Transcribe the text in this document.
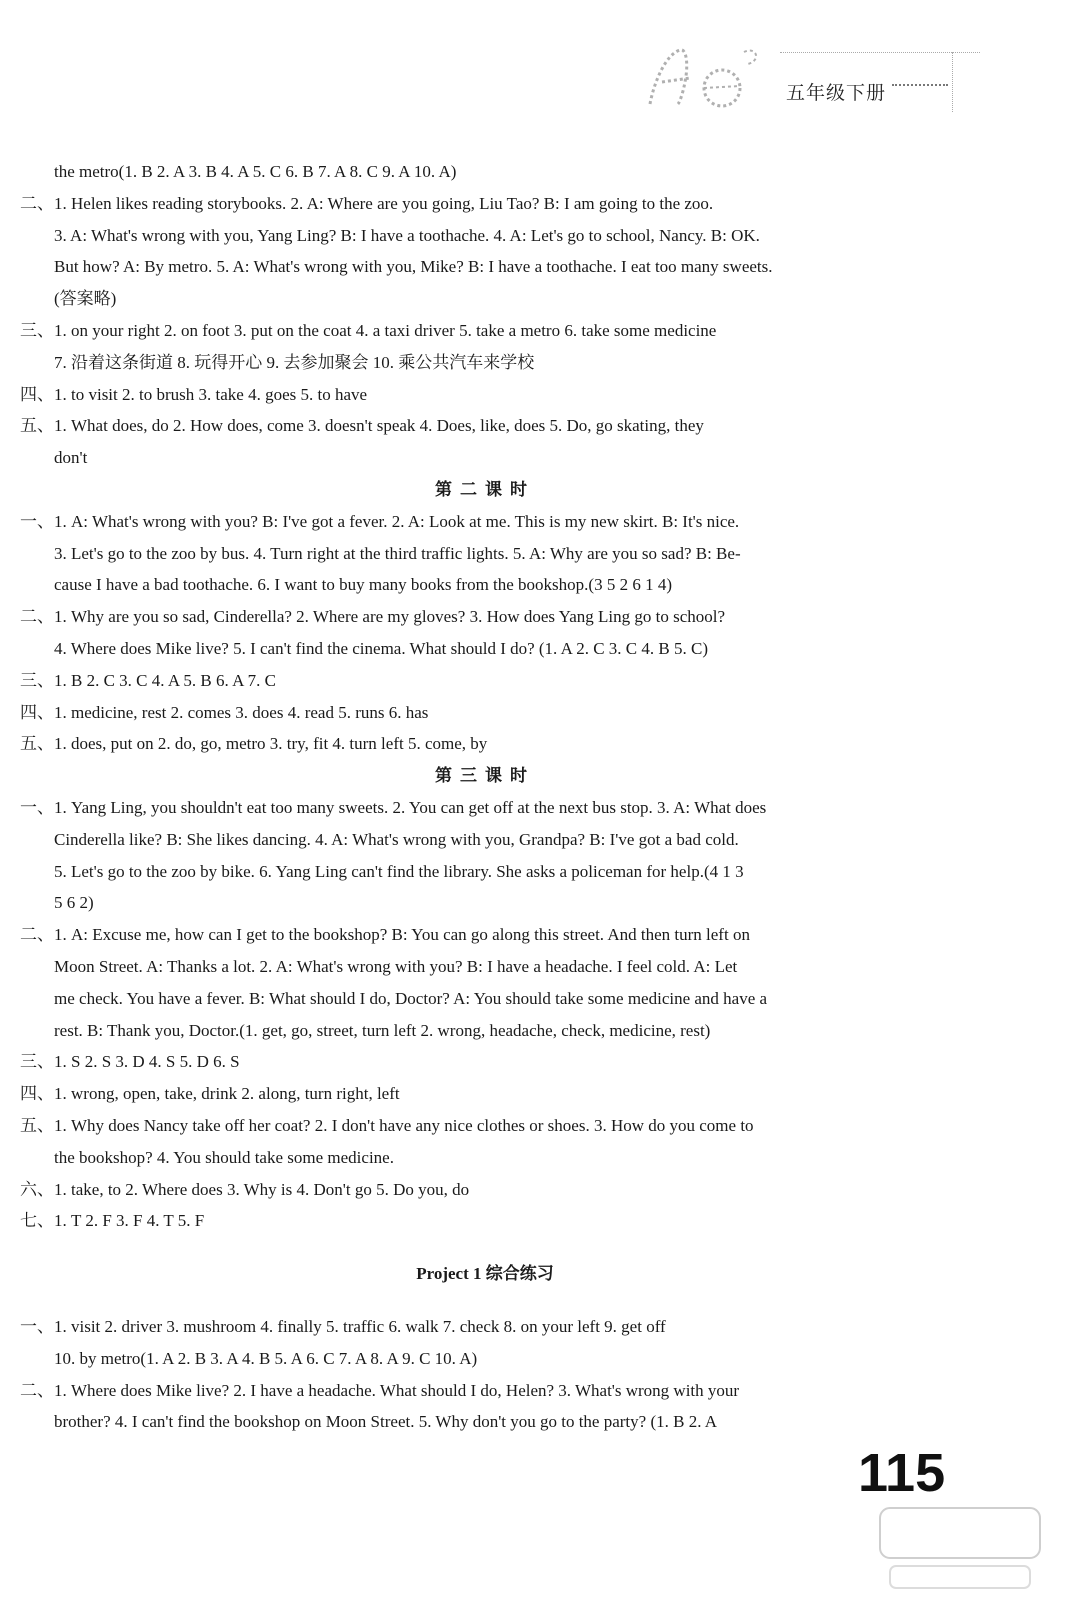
五年级下册
the metro(1. B 2. A 3. B 4. A 5. C 6. B 7. A 8. C 9. A 10. A)
二、1. Helen likes reading storybooks. 2. A: Where are you going, Liu Tao? B: I am going to the zoo.
3. A: What's wrong with you, Yang Ling? B: I have a toothache. 4. A: Let's go to school, Nancy. B: OK.
But how? A: By metro. 5. A: What's wrong with you, Mike? B: I have a toothache. I eat too many sweets.
(答案略)
三、1. on your right 2. on foot 3. put on the coat 4. a taxi driver 5. take a metro 6. take some medicine
7. 沿着这条街道 8. 玩得开心 9. 去参加聚会 10. 乘公共汽车来学校
四、1. to visit 2. to brush 3. take 4. goes 5. to have
五、1. What does, do 2. How does, come 3. doesn't speak 4. Does, like, does 5. Do, go skating, they
don't
第二课时
一、1. A: What's wrong with you? B: I've got a fever. 2. A: Look at me. This is my new skirt. B: It's nice.
3. Let's go to the zoo by bus. 4. Turn right at the third traffic lights. 5. A: Why are you so sad? B: Be-
cause I have a bad toothache. 6. I want to buy many books from the bookshop.(3 5 2 6 1 4)
二、1. Why are you so sad, Cinderella? 2. Where are my gloves? 3. How does Yang Ling go to school?
4. Where does Mike live? 5. I can't find the cinema. What should I do? (1. A 2. C 3. C 4. B 5. C)
三、1. B 2. C 3. C 4. A 5. B 6. A 7. C
四、1. medicine, rest 2. comes 3. does 4. read 5. runs 6. has
五、1. does, put on 2. do, go, metro 3. try, fit 4. turn left 5. come, by
第三课时
一、1. Yang Ling, you shouldn't eat too many sweets. 2. You can get off at the next bus stop. 3. A: What does
Cinderella like? B: She likes dancing. 4. A: What's wrong with you, Grandpa? B: I've got a bad cold.
5. Let's go to the zoo by bike. 6. Yang Ling can't find the library. She asks a policeman for help.(4 1 3
5 6 2)
二、1. A: Excuse me, how can I get to the bookshop? B: You can go along this street. And then turn left on
Moon Street. A: Thanks a lot. 2. A: What's wrong with you? B: I have a headache. I feel cold. A: Let
me check. You have a fever. B: What should I do, Doctor? A: You should take some medicine and have a
rest. B: Thank you, Doctor.(1. get, go, street, turn left 2. wrong, headache, check, medicine, rest)
三、1. S 2. S 3. D 4. S 5. D 6. S
四、1. wrong, open, take, drink 2. along, turn right, left
五、1. Why does Nancy take off her coat? 2. I don't have any nice clothes or shoes. 3. How do you come to
the bookshop? 4. You should take some medicine.
六、1. take, to 2. Where does 3. Why is 4. Don't go 5. Do you, do
七、1. T 2. F 3. F 4. T 5. F
Project 1 综合练习
一、1. visit 2. driver 3. mushroom 4. finally 5. traffic 6. walk 7. check 8. on your left 9. get off
10. by metro(1. A 2. B 3. A 4. B 5. A 6. C 7. A 8. A 9. C 10. A)
二、1. Where does Mike live? 2. I have a headache. What should I do, Helen? 3. What's wrong with your
brother? 4. I can't find the bookshop on Moon Street. 5. Why don't you go to the party? (1. B 2. A
115
